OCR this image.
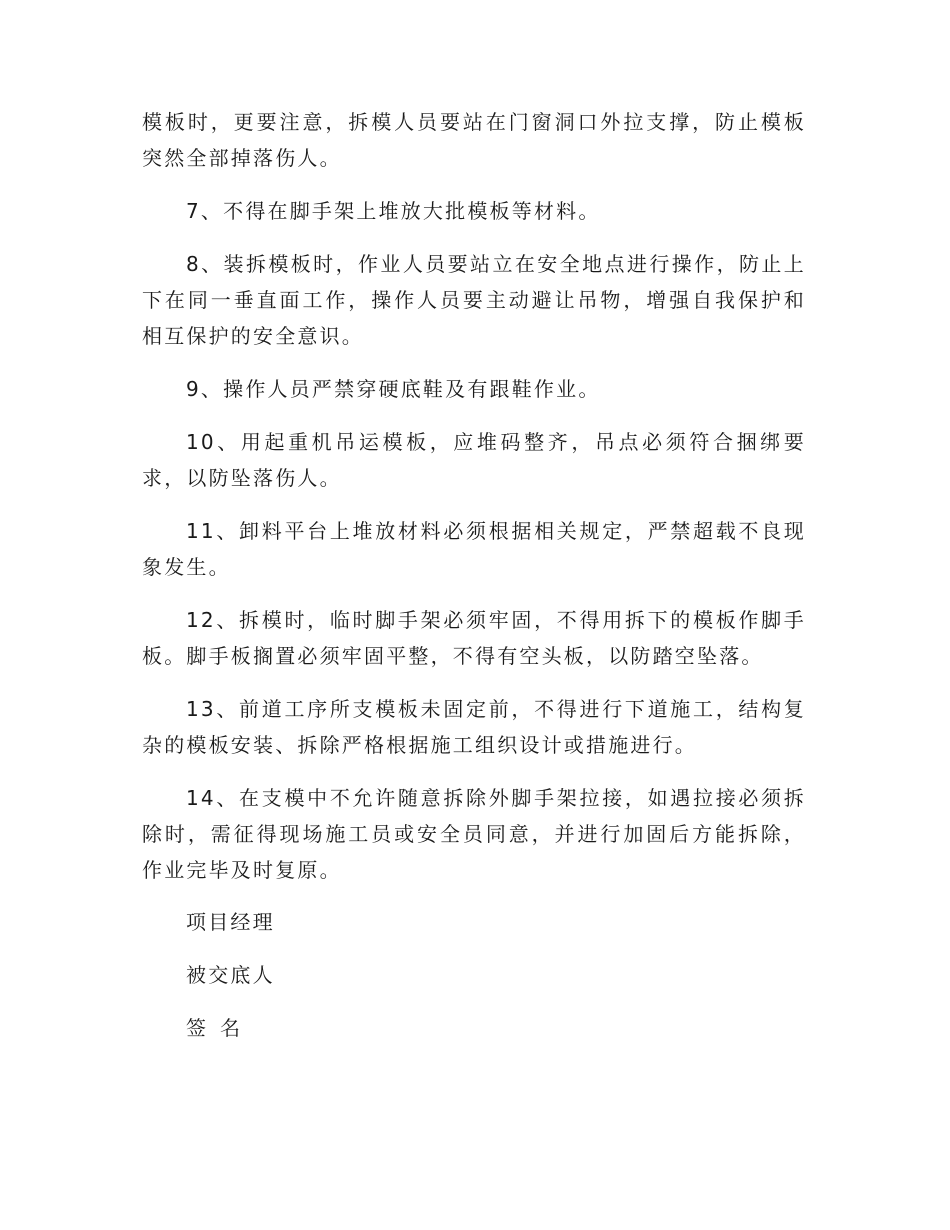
模板时，更要注意，拆模人员要站在门窗洞口外拉支撑，防止模板突然全部掉落伤人。

7、不得在脚手架上堆放大批模板等材料。

8、装拆模板时，作业人员要站立在安全地点进行操作，防止上下在同一垂直面工作，操作人员要主动避让吊物，增强自我保护和相互保护的安全意识。

9、操作人员严禁穿硬底鞋及有跟鞋作业。

10、用起重机吊运模板，应堆码整齐，吊点必须符合捆绑要求，以防坠落伤人。

11、卸料平台上堆放材料必须根据相关规定，严禁超载不良现象发生。

12、拆模时，临时脚手架必须牢固，不得用拆下的模板作脚手板。脚手板搁置必须牢固平整，不得有空头板，以防踏空坠落。

13、前道工序所支模板未固定前，不得进行下道施工，结构复杂的模板安装、拆除严格根据施工组织设计或措施进行。

14、在支模中不允许随意拆除外脚手架拉接，如遇拉接必须拆除时，需征得现场施工员或安全员同意，并进行加固后方能拆除，作业完毕及时复原。

项目经理

被交底人

签名
